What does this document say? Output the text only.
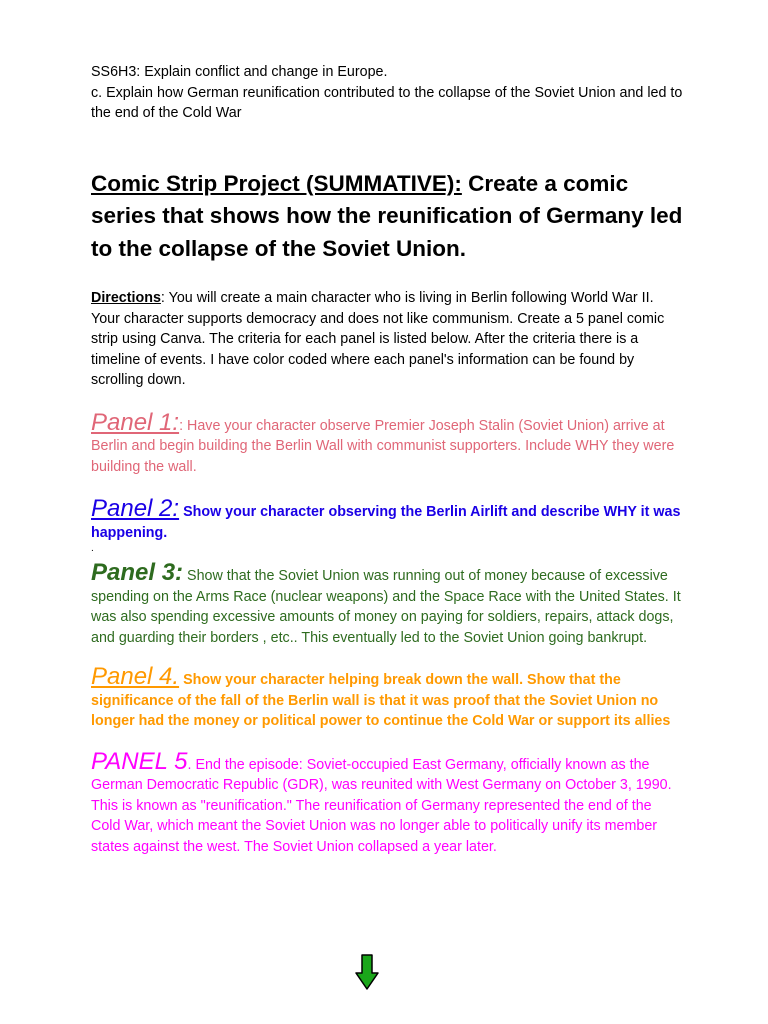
SS6H3: Explain conflict and change in Europe.

c. Explain how German reunification contributed to the collapse of the Soviet Union and led to the end of the Cold War

Comic Strip Project (SUMMATIVE): Create a comic series that shows how the reunification of Germany led to the collapse of the Soviet Union.

Directions: You will create a main character who is living in Berlin following World War II. Your character supports democracy and does not like communism. Create a 5 panel comic strip using Canva. The criteria for each panel is listed below. After the criteria there is a timeline of events. I have color coded where each panel's information can be found by scrolling down.

Panel 1:: Have your character observe Premier Joseph Stalin (Soviet Union) arrive at Berlin and begin building the Berlin Wall with communist supporters. Include WHY they were building the wall.

Panel 2: Show your character observing the Berlin Airlift and describe WHY it was happening.

.

Panel 3: Show that the Soviet Union was running out of money because of excessive spending on the Arms Race (nuclear weapons) and the Space Race with the United States. It was also spending excessive amounts of money on paying for soldiers, repairs, attack dogs, and guarding their borders , etc.. This eventually led to the Soviet Union going bankrupt.

Panel 4. Show your character helping break down the wall. Show that the significance of the fall of the Berlin wall is that it was proof that the Soviet Union no longer had the money or political power to continue the Cold War or support its allies

PANEL 5. End the episode: Soviet-occupied East Germany, officially known as the German Democratic Republic (GDR), was reunited with West Germany on October 3, 1990. This is known as "reunification." The reunification of Germany represented the end of the Cold War, which meant the Soviet Union was no longer able to politically unify its member states against the west. The Soviet Union collapsed a year later.
